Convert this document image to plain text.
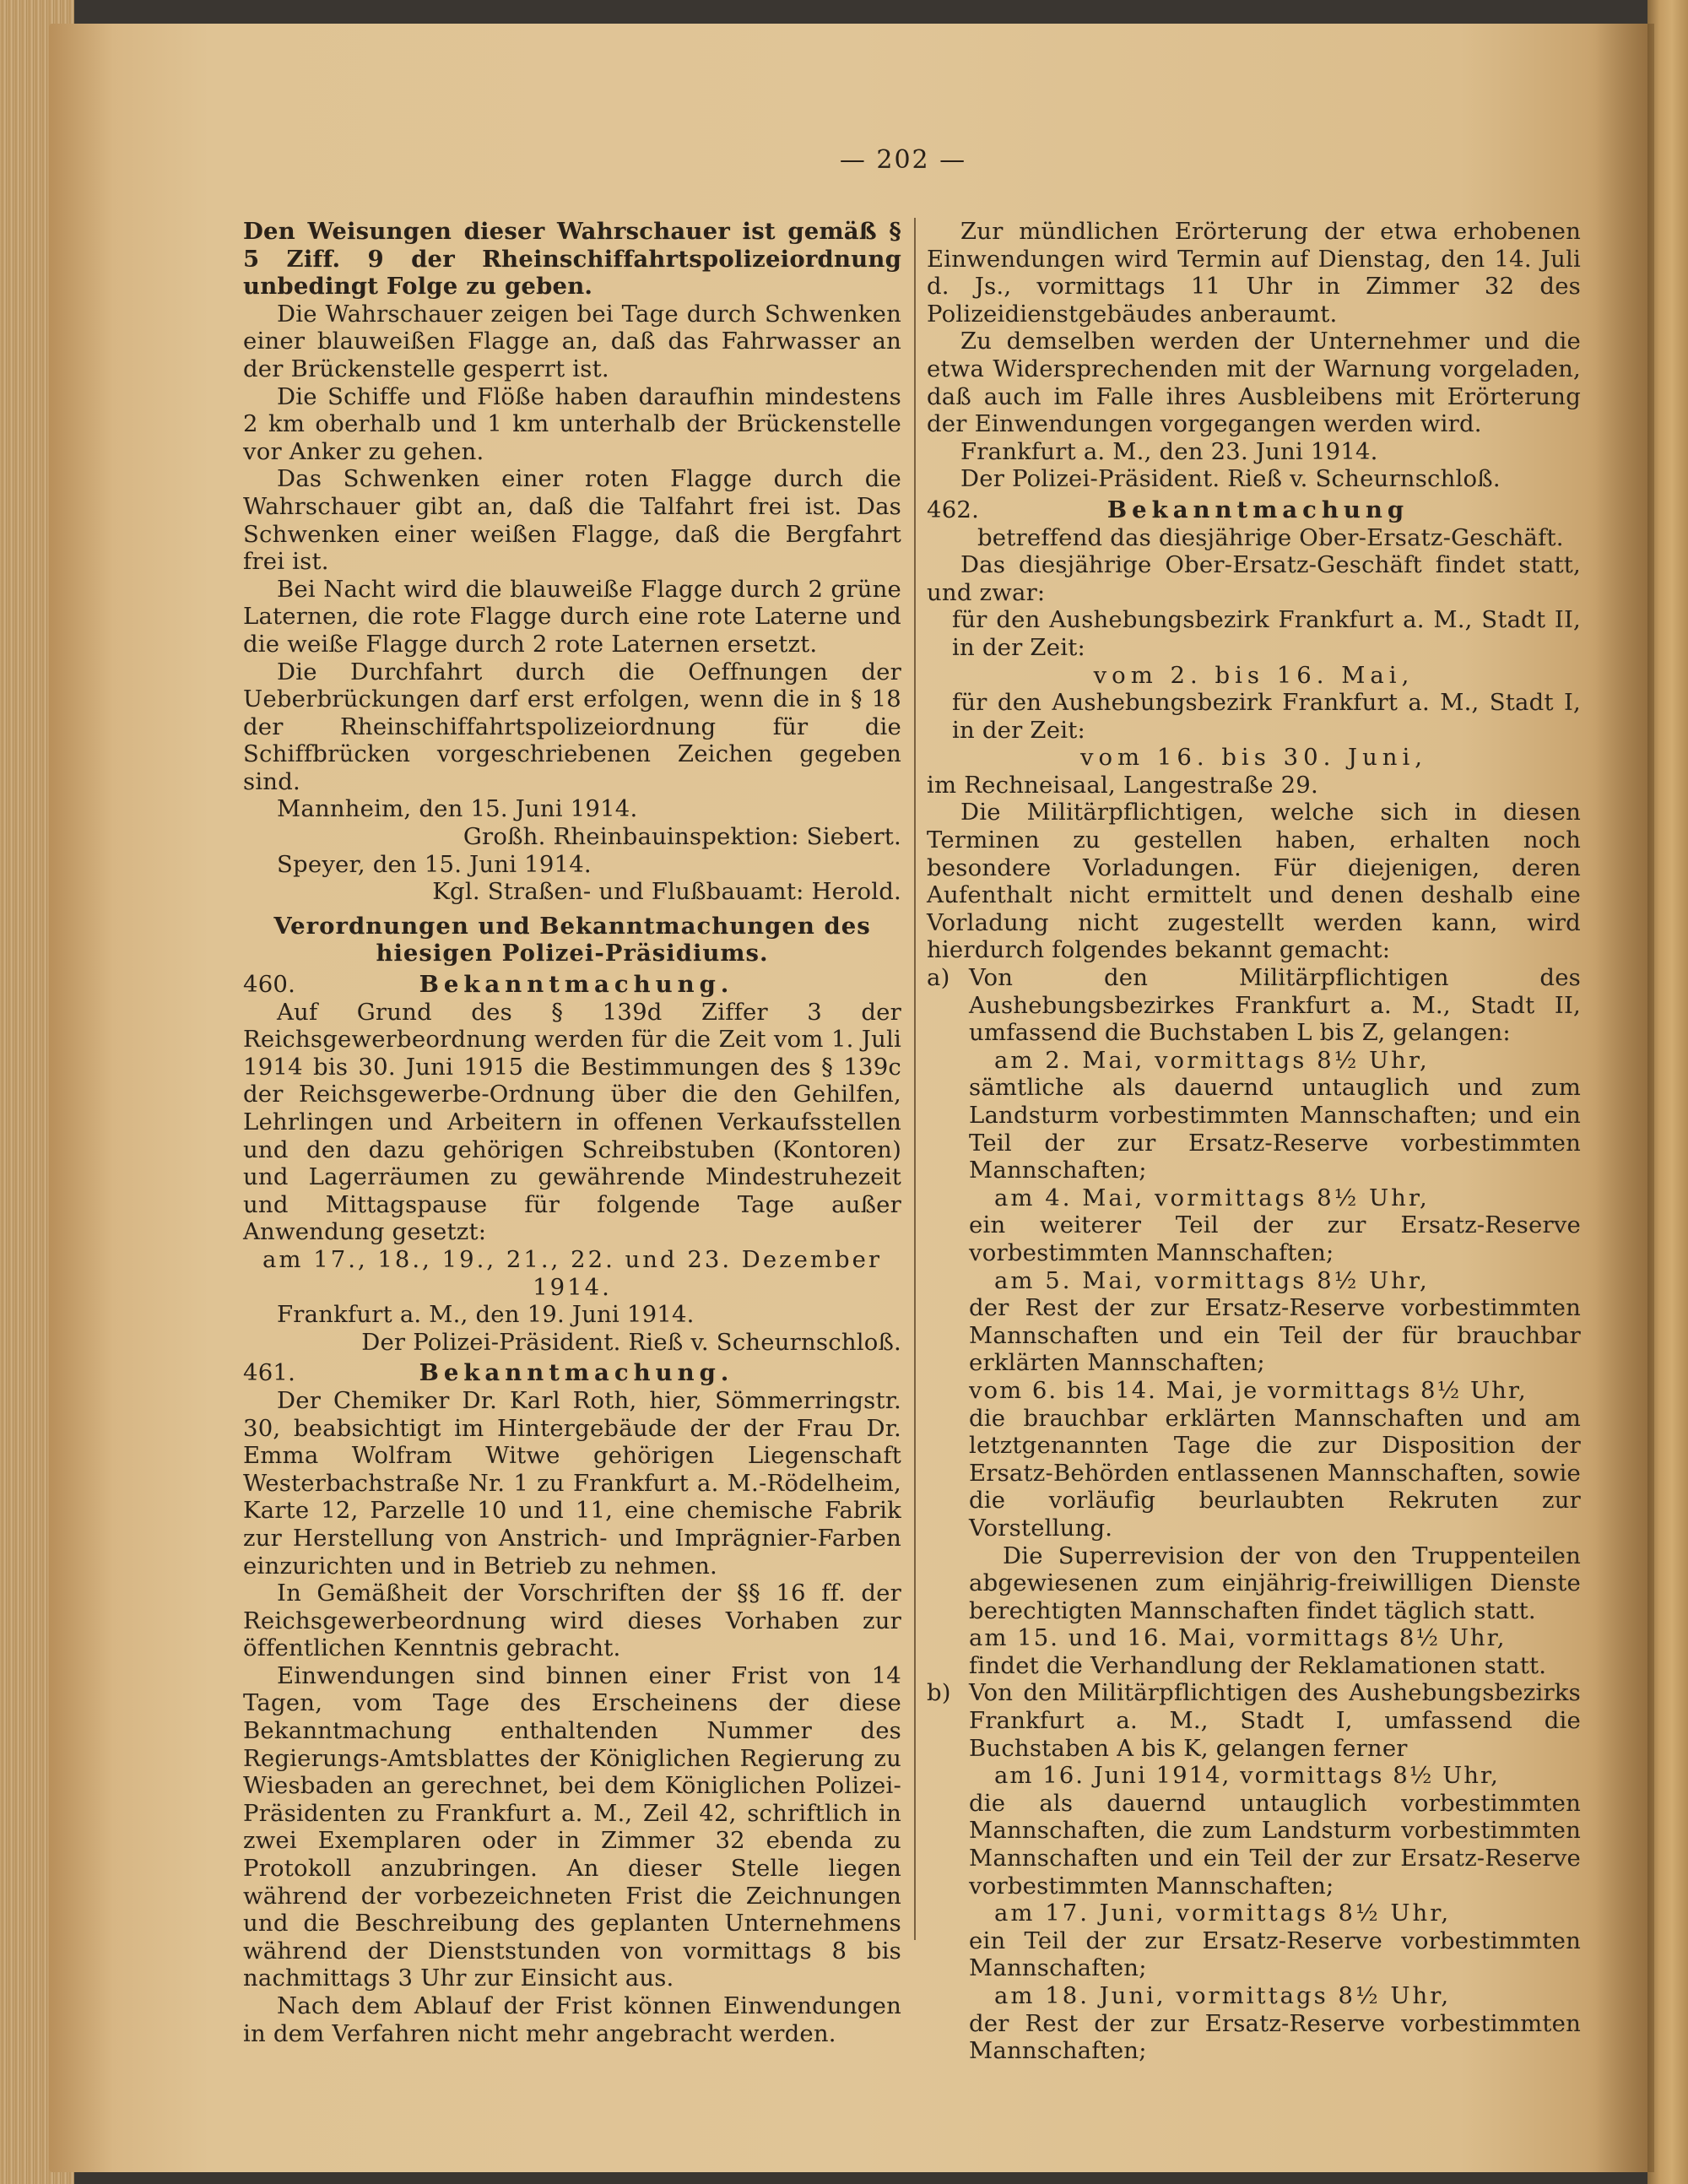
— 202 —

Den Weisungen dieser Wahrschauer ist gemäß § 5 Ziff. 9 der Rheinschiffahrtspolizeiordnung unbedingt Folge zu geben.

Die Wahrschauer zeigen bei Tage durch Schwenken einer blauweißen Flagge an, daß das Fahrwasser an der Brückenstelle gesperrt ist.

Die Schiffe und Flöße haben daraufhin mindestens 2 km oberhalb und 1 km unterhalb der Brückenstelle vor Anker zu gehen.

Das Schwenken einer roten Flagge durch die Wahrschauer gibt an, daß die Talfahrt frei ist. Das Schwenken einer weißen Flagge, daß die Bergfahrt frei ist.

Bei Nacht wird die blauweiße Flagge durch 2 grüne Laternen, die rote Flagge durch eine rote Laterne und die weiße Flagge durch 2 rote Laternen ersetzt.

Die Durchfahrt durch die Oeffnungen der Ueberbrückungen darf erst erfolgen, wenn die in § 18 der Rheinschiffahrtspolizeiordnung für die Schiffbrücken vorgeschriebenen Zeichen gegeben sind.

Mannheim, den 15. Juni 1914.

Großh. Rheinbauinspektion: Siebert.

Speyer, den 15. Juni 1914.

Kgl. Straßen- und Flußbauamt: Herold.

Verordnungen und Bekanntmachungen des hiesigen Polizei-Präsidiums.

460.	Bekanntmachung.

Auf Grund des § 139d Ziffer 3 der Reichsgewerbeordnung werden für die Zeit vom 1. Juli 1914 bis 30. Juni 1915 die Bestimmungen des § 139c der Reichsgewerbe-Ordnung über die den Gehilfen, Lehrlingen und Arbeitern in offenen Verkaufsstellen und den dazu gehörigen Schreibstuben (Kontoren) und Lagerräumen zu gewährende Mindestruhezeit und Mittagspause für folgende Tage außer Anwendung gesetzt:

am 17., 18., 19., 21., 22. und 23. Dezember 1914.

Frankfurt a. M., den 19. Juni 1914.

Der Polizei-Präsident. Rieß v. Scheurnschloß.

461.	Bekanntmachung.

Der Chemiker Dr. Karl Roth, hier, Sömmerringstr. 30, beabsichtigt im Hintergebäude der der Frau Dr. Emma Wolfram Witwe gehörigen Liegenschaft Westerbachstraße Nr. 1 zu Frankfurt a. M.-Rödelheim, Karte 12, Parzelle 10 und 11, eine chemische Fabrik zur Herstellung von Anstrich- und Imprägnier-Farben einzurichten und in Betrieb zu nehmen.

In Gemäßheit der Vorschriften der §§ 16 ff. der Reichsgewerbeordnung wird dieses Vorhaben zur öffentlichen Kenntnis gebracht.

Einwendungen sind binnen einer Frist von 14 Tagen, vom Tage des Erscheinens der diese Bekanntmachung enthaltenden Nummer des Regierungs-Amtsblattes der Königlichen Regierung zu Wiesbaden an gerechnet, bei dem Königlichen Polizei-Präsidenten zu Frankfurt a. M., Zeil 42, schriftlich in zwei Exemplaren oder in Zimmer 32 ebenda zu Protokoll anzubringen. An dieser Stelle liegen während der vorbezeichneten Frist die Zeichnungen und die Beschreibung des geplanten Unternehmens während der Dienststunden von vormittags 8 bis nachmittags 3 Uhr zur Einsicht aus.

Nach dem Ablauf der Frist können Einwendungen in dem Verfahren nicht mehr angebracht werden.

Zur mündlichen Erörterung der etwa erhobenen Einwendungen wird Termin auf Dienstag, den 14. Juli d. Js., vormittags 11 Uhr in Zimmer 32 des Polizeidienstgebäudes anberaumt.

Zu demselben werden der Unternehmer und die etwa Widersprechenden mit der Warnung vorgeladen, daß auch im Falle ihres Ausbleibens mit Erörterung der Einwendungen vorgegangen werden wird.

Frankfurt a. M., den 23. Juni 1914.

Der Polizei-Präsident. Rieß v. Scheurnschloß.

462.	Bekanntmachung

betreffend das diesjährige Ober-Ersatz-Geschäft.

Das diesjährige Ober-Ersatz-Geschäft findet statt, und zwar:

für den Aushebungsbezirk Frankfurt a. M., Stadt II, in der Zeit:

vom 2. bis 16. Mai,

für den Aushebungsbezirk Frankfurt a. M., Stadt I, in der Zeit:

vom 16. bis 30. Juni,

im Rechneisaal, Langestraße 29.

Die Militärpflichtigen, welche sich in diesen Terminen zu gestellen haben, erhalten noch besondere Vorladungen. Für diejenigen, deren Aufenthalt nicht ermittelt und denen deshalb eine Vorladung nicht zugestellt werden kann, wird hierdurch folgendes bekannt gemacht:

a) Von den Militärpflichtigen des Aushebungsbezirkes Frankfurt a. M., Stadt II, umfassend die Buchstaben L bis Z, gelangen:

am 2. Mai, vormittags 8½ Uhr,

sämtliche als dauernd untauglich und zum Landsturm vorbestimmten Mannschaften; und ein Teil der zur Ersatz-Reserve vorbestimmten Mannschaften;

am 4. Mai, vormittags 8½ Uhr,

ein weiterer Teil der zur Ersatz-Reserve vorbestimmten Mannschaften;

am 5. Mai, vormittags 8½ Uhr,

der Rest der zur Ersatz-Reserve vorbestimmten Mannschaften und ein Teil der für brauchbar erklärten Mannschaften;

vom 6. bis 14. Mai, je vormittags 8½ Uhr,

die brauchbar erklärten Mannschaften und am letztgenannten Tage die zur Disposition der Ersatz-Behörden entlassenen Mannschaften, sowie die vorläufig beurlaubten Rekruten zur Vorstellung.

Die Superrevision der von den Truppenteilen abgewiesenen zum einjährig-freiwilligen Dienste berechtigten Mannschaften findet täglich statt.

am 15. und 16. Mai, vormittags 8½ Uhr,

findet die Verhandlung der Reklamationen statt.

b) Von den Militärpflichtigen des Aushebungsbezirks Frankfurt a. M., Stadt I, umfassend die Buchstaben A bis K, gelangen ferner

am 16. Juni 1914, vormittags 8½ Uhr,

die als dauernd untauglich vorbestimmten Mannschaften, die zum Landsturm vorbestimmten Mannschaften und ein Teil der zur Ersatz-Reserve vorbestimmten Mannschaften;

am 17. Juni, vormittags 8½ Uhr,

ein Teil der zur Ersatz-Reserve vorbestimmten Mannschaften;

am 18. Juni, vormittags 8½ Uhr,

der Rest der zur Ersatz-Reserve vorbestimmten Mannschaften;
